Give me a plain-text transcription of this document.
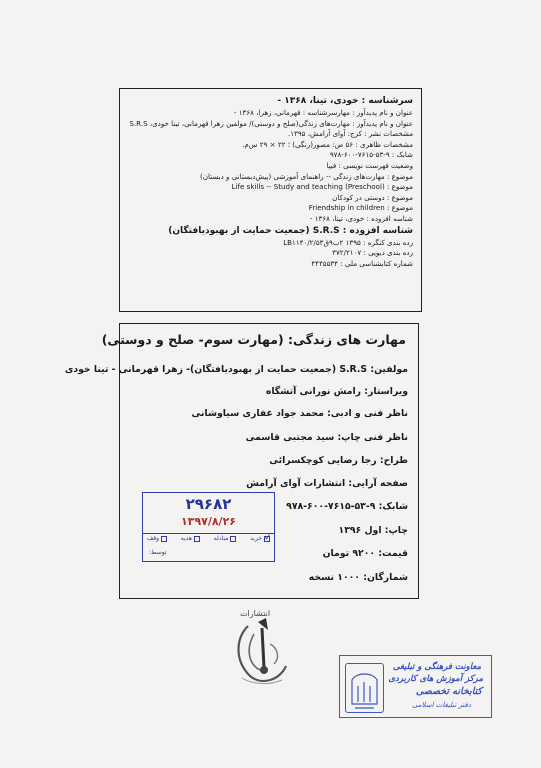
سرشناسه : خودی، تینا، ۱۳۶۸ -
عنوان و نام پدیدآور : مهارسرشناسه : قهرمانی، زهرا، ۱۳۶۸ -
عنوان و نام پدیدآور : مهارت‌های زندگی(صلح و دوستی)/ مولفین زهرا قهرمانی، تینا خودی، S.R.S
مشخصات نشر : کرج: آوای آرامش، ۱۳۹۵.
مشخصات ظاهری : ۵۶ ص: مصور(رنگی) ؛ ۲۲ × ۲۹ س‌م.
شابک : ۹-۵۳-۷۶۱۵-۶۰۰-۹۷۸
وضعیت فهرست نویسی : فیپا
موضوع : مهارت‌های زندگی -- راهنمای آموزشی (پیش‌دبستانی و دبستان)
موضوع : (Life skills -- Study and teaching (Preschool
موضوع : دوستی در کودکان
موضوع : Friendship in children
شناسه افزوده : خودی، تینا، ۱۳۶۸ -
شناسه افزوده : S.R.S (جمعیت حمایت از بهبودیافتگان)
رده بندی کنگره : ۱۳۹۵ ۲ب۹ق۵۳/LB۱۱۴۰/۲
رده بندی دیویی : ۳۷۲/۲۱۰۷
شماره کتابشناسی ملی : ۴۴۴۵۵۳۴
مهارت های زندگی: (مهارت سوم- صلح و دوستی)
مولفین: S.R.S (جمعیت حمایت از بهبودیافتگان)- زهرا قهرمانی - تینا خودی
ویراستار: رامش نورانی آتشگاه
ناظر فنی و ادبی: محمد جواد غفاری سیاوشانی
ناظر فنی چاپ: سید مجتبی قاسمی
طراح: رجا رضایی کوچکسرائی
صفحه آرایی: انتشارات آوای آرامش
شابک: ۹-۵۳-۷۶۱۵-۶۰۰-۹۷۸
چاپ: اول ۱۳۹۶
قیمت: ۹۲۰۰ تومان
شمارگان: ۱۰۰۰ نسخه
۲۹۶۸۲
۱۳۹۷/۸/۲۶
✓
خرید
مبادله
هدیه
وقف
توسط:
انتشارات
معاونت فرهنگی و تبلیغی
مرکز آموزش های کاربردی
کتابخانه تخصصی
دفتر تبلیغات اسلامی
